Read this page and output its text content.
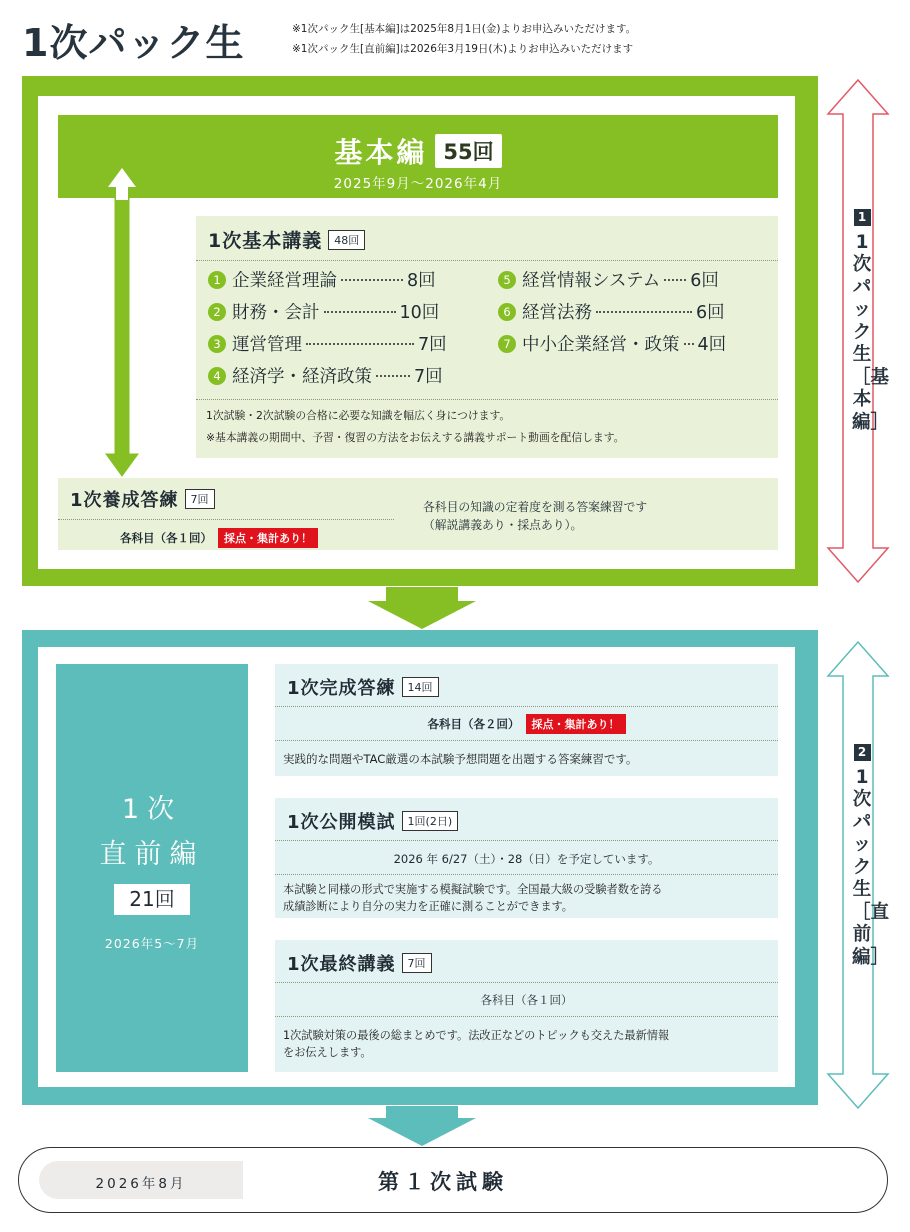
1次パック生	※1次パック生[基本編]は2025年8月1日(金)よりお申込みいただけます。
※1次パック生[直前編]は2026年3月19日(木)よりお申込みいただけます
基本編 55回
2025年9月～2026年4月
1次基本講義 48回
1 企業経営理論	8回
2 財務・会計	10回
3 運営管理	7回
4 経済学・経済政策 7回
5 経営情報システム 6回
6 経営法務	6回
7 中小企業経営・政策 4回
1次試験・2次試験の合格に必要な知識を幅広く身につけます。
※基本講義の期間中、予習・復習の方法をお伝えする講義サポート動画を配信します。
1次養成答練 7回
各科目（各１回） 採点・集計あり！
各科目の知識の定着度を測る答案練習です
（解説講義あり・採点あり）。
1次
直前編
21回
2026年5～7月
1次完成答練 14回
各科目（各２回） 採点・集計あり！
実践的な問題やTAC厳選の本試験予想問題を出題する答案練習です。
1次公開模試 1回(2日)
2026 年 6/27（土）・28（日）を予定しています。
本試験と同様の形式で実施する模擬試験です。全国最大級の受験者数を誇る
成績診断により自分の実力を正確に測ることができます。
1次最終講義 7回
各科目（各１回）
1次試験対策の最後の総まとめです。法改正などのトピックも交えた最新情報
をお伝えします。
2026年8月	第１次試験
1
1次パック生［基本編］
2
1次パック生［直前編］
